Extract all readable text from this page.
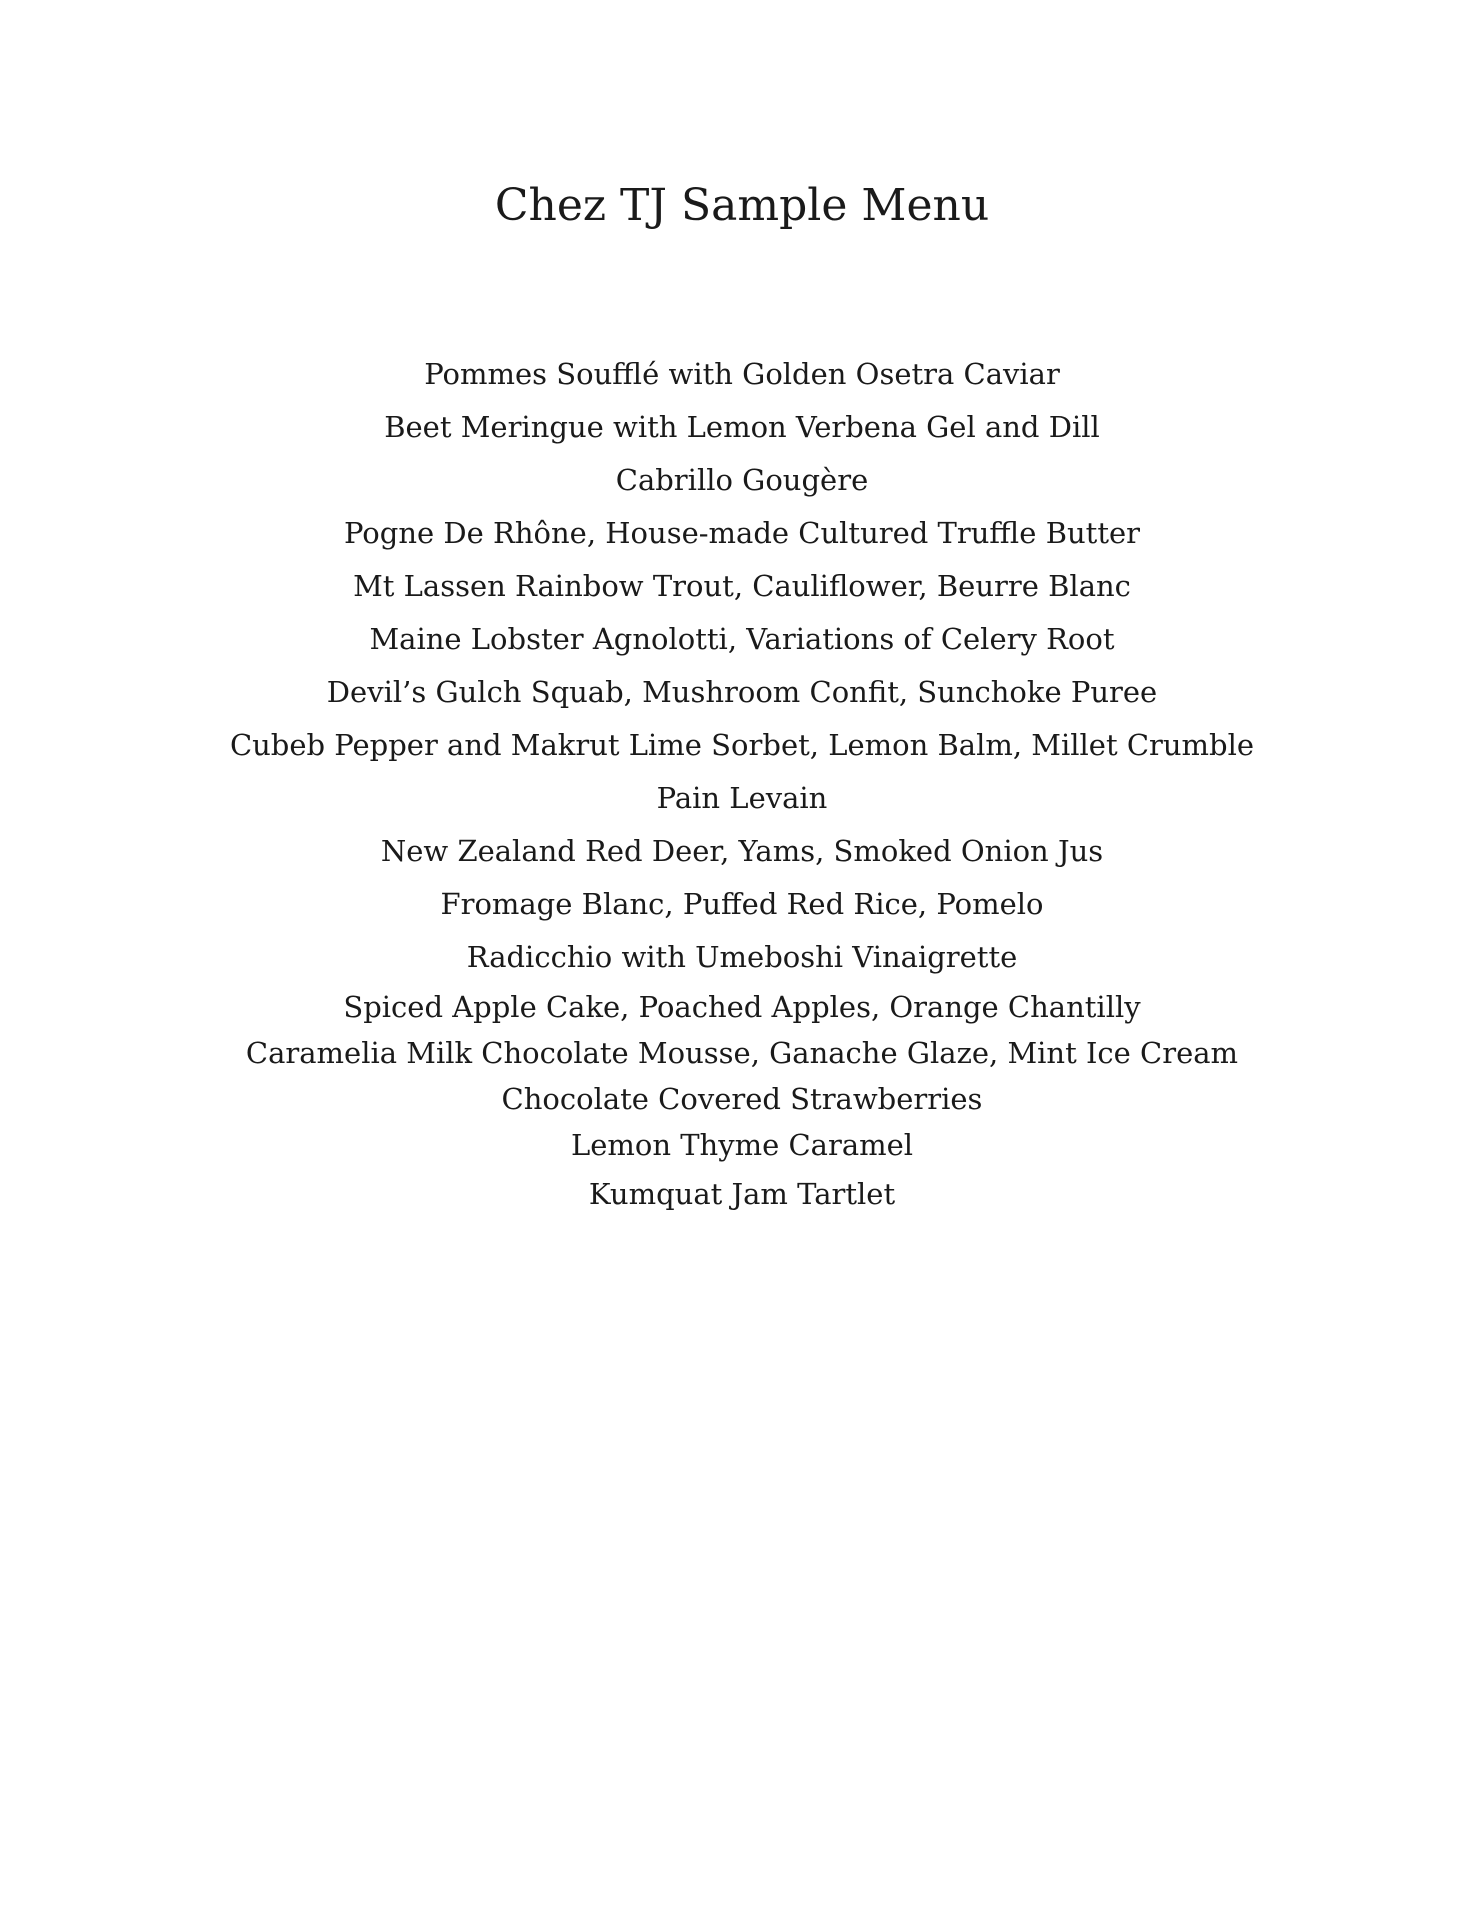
Chez TJ Sample Menu
Pommes Soufflé with Golden Osetra Caviar
Beet Meringue with Lemon Verbena Gel and Dill
Cabrillo Gougère
Pogne De Rhône, House-made Cultured Truffle Butter
Mt Lassen Rainbow Trout, Cauliflower, Beurre Blanc
Maine Lobster Agnolotti, Variations of Celery Root
Devil’s Gulch Squab, Mushroom Confit, Sunchoke Puree
Cubeb Pepper and Makrut Lime Sorbet, Lemon Balm, Millet Crumble
Pain Levain
New Zealand Red Deer, Yams, Smoked Onion Jus
Fromage Blanc, Puffed Red Rice, Pomelo
Radicchio with Umeboshi Vinaigrette
Spiced Apple Cake, Poached Apples, Orange Chantilly
Caramelia Milk Chocolate Mousse, Ganache Glaze, Mint Ice Cream
Chocolate Covered Strawberries
Lemon Thyme Caramel
Kumquat Jam Tartlet
